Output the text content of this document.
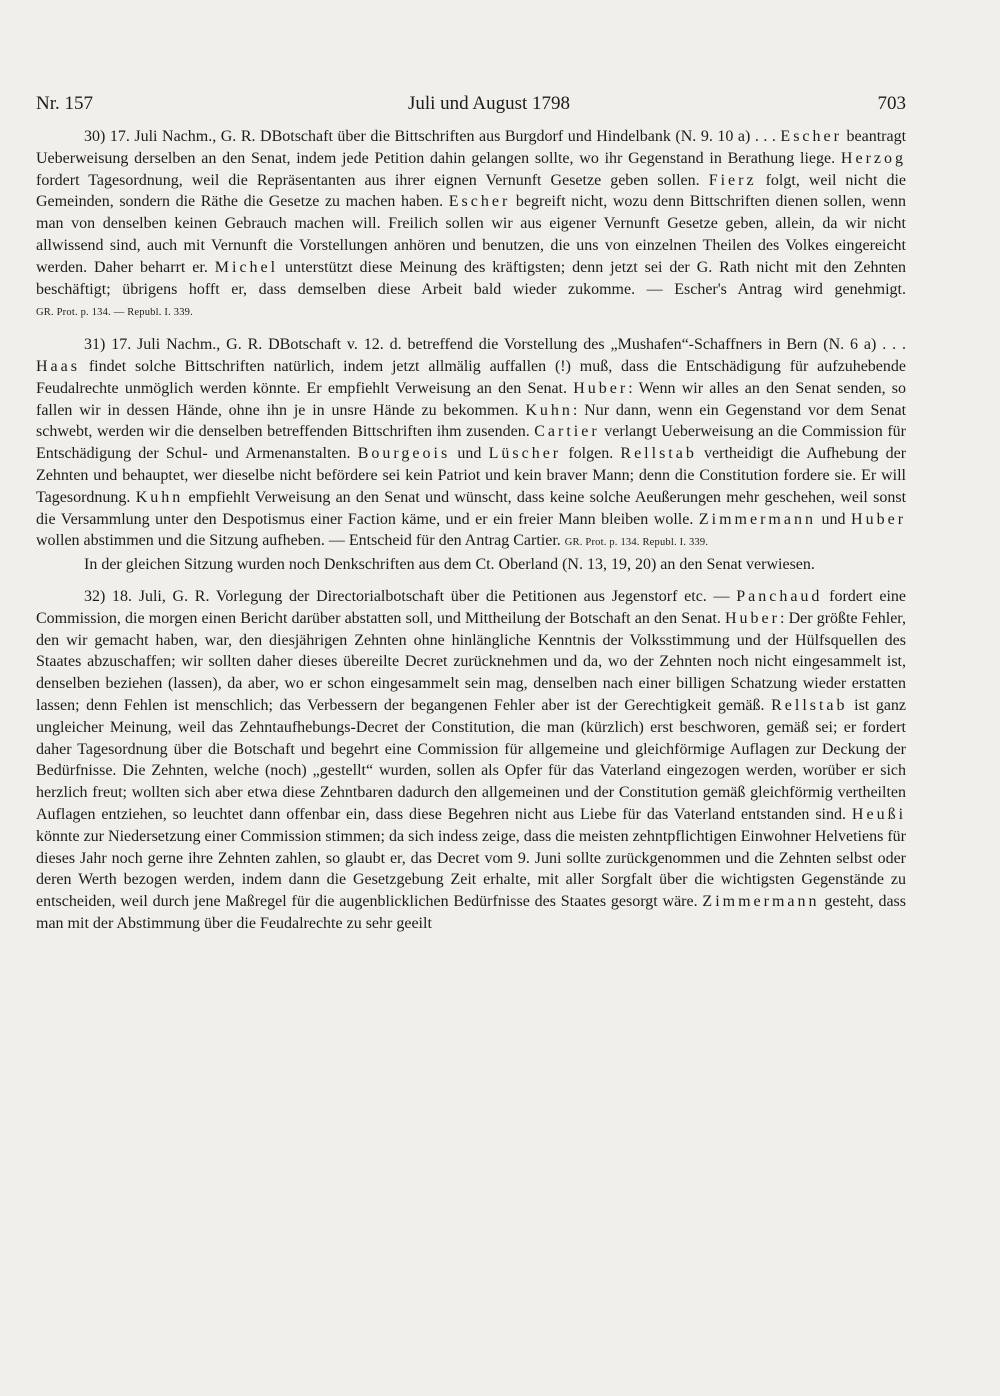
Nr. 157	Juli und August 1798	703

30) 17. Juli Nachm., G. R. DBotschaft über die Bittschriften aus Burgdorf und Hindelbank (N. 9. 10 a) . . . Escher beantragt Ueberweisung derselben an den Senat, indem jede Petition dahin gelangen sollte, wo ihr Gegenstand in Berathung liege. Herzog fordert Tagesordnung, weil die Repräsentanten aus ihrer eignen Vernunft Gesetze geben sollen. Fierz folgt, weil nicht die Gemeinden, sondern die Räthe die Gesetze zu machen haben. Escher begreift nicht, wozu denn Bittschriften dienen sollen, wenn man von denselben keinen Gebrauch machen will. Freilich sollen wir aus eigener Vernunft Gesetze geben, allein, da wir nicht allwissend sind, auch mit Vernunft die Vorstellungen anhören und benutzen, die uns von einzelnen Theilen des Volkes eingereicht werden. Daher beharrt er. Michel unterstützt diese Meinung des kräftigsten; denn jetzt sei der G. Rath nicht mit den Zehnten beschäftigt; übrigens hofft er, dass demselben diese Arbeit bald wieder zukomme. — Escher's Antrag wird genehmigt. GR. Prot. p. 134. — Republ. I. 339.

31) 17. Juli Nachm., G. R. DBotschaft v. 12. d. betreffend die Vorstellung des „Mushafen“-Schaffners in Bern (N. 6 a) . . . Haas findet solche Bittschriften natürlich, indem jetzt allmälig auffallen (!) muß, dass die Entschädigung für aufzuhebende Feudalrechte unmöglich werden könnte. Er empfiehlt Verweisung an den Senat. Huber: Wenn wir alles an den Senat senden, so fallen wir in dessen Hände, ohne ihn je in unsre Hände zu bekommen. Kuhn: Nur dann, wenn ein Gegenstand vor dem Senat schwebt, werden wir die denselben betreffenden Bittschriften ihm zusenden. Cartier verlangt Ueberweisung an die Commission für Entschädigung der Schul- und Armenanstalten. Bourgeois und Lüscher folgen. Rellstab vertheidigt die Aufhebung der Zehnten und behauptet, wer dieselbe nicht befördere sei kein Patriot und kein braver Mann; denn die Constitution fordere sie. Er will Tagesordnung. Kuhn empfiehlt Verweisung an den Senat und wünscht, dass keine solche Aeußerungen mehr geschehen, weil sonst die Versammlung unter den Despotismus einer Faction käme, und er ein freier Mann bleiben wolle. Zimmermann und Huber wollen abstimmen und die Sitzung aufheben. — Entscheid für den Antrag Cartier. GR. Prot. p. 134. Republ. I. 339.

In der gleichen Sitzung wurden noch Denkschriften aus dem Ct. Oberland (N. 13, 19, 20) an den Senat verwiesen.

32) 18. Juli, G. R. Vorlegung der Directorialbotschaft über die Petitionen aus Jegenstorf etc. — Panchaud fordert eine Commission, die morgen einen Bericht darüber abstatten soll, und Mittheilung der Botschaft an den Senat. Huber: Der größte Fehler, den wir gemacht haben, war, den diesjährigen Zehnten ohne hinlängliche Kenntnis der Volksstimmung und der Hülfsquellen des Staates abzuschaffen; wir sollten daher dieses übereilte Decret zurücknehmen und da, wo der Zehnten noch nicht eingesammelt ist, denselben beziehen (lassen), da aber, wo er schon eingesammelt sein mag, denselben nach einer billigen Schatzung wieder erstatten lassen; denn Fehlen ist menschlich; das Verbessern der begangenen Fehler aber ist der Gerechtigkeit gemäß. Rellstab ist ganz ungleicher Meinung, weil das Zehntaufhebungs-Decret der Constitution, die man (kürzlich) erst beschworen, gemäß sei; er fordert daher Tagesordnung über die Botschaft und begehrt eine Commission für allgemeine und gleichförmige Auflagen zur Deckung der Bedürfnisse. Die Zehnten, welche (noch) „gestellt“ wurden, sollen als Opfer für das Vaterland eingezogen werden, worüber er sich herzlich freut; wollten sich aber etwa diese Zehntbaren dadurch den allgemeinen und der Constitution gemäß gleichförmig vertheilten Auflagen entziehen, so leuchtet dann offenbar ein, dass diese Begehren nicht aus Liebe für das Vaterland entstanden sind. Heußi könnte zur Niedersetzung einer Commission stimmen; da sich indess zeige, dass die meisten zehntpflichtigen Einwohner Helvetiens für dieses Jahr noch gerne ihre Zehnten zahlen, so glaubt er, das Decret vom 9. Juni sollte zurückgenommen und die Zehnten selbst oder deren Werth bezogen werden, indem dann die Gesetzgebung Zeit erhalte, mit aller Sorgfalt über die wichtigsten Gegenstände zu entscheiden, weil durch jene Maßregel für die augenblicklichen Bedürfnisse des Staates gesorgt wäre. Zimmermann gesteht, dass man mit der Abstimmung über die Feudalrechte zu sehr geeilt
